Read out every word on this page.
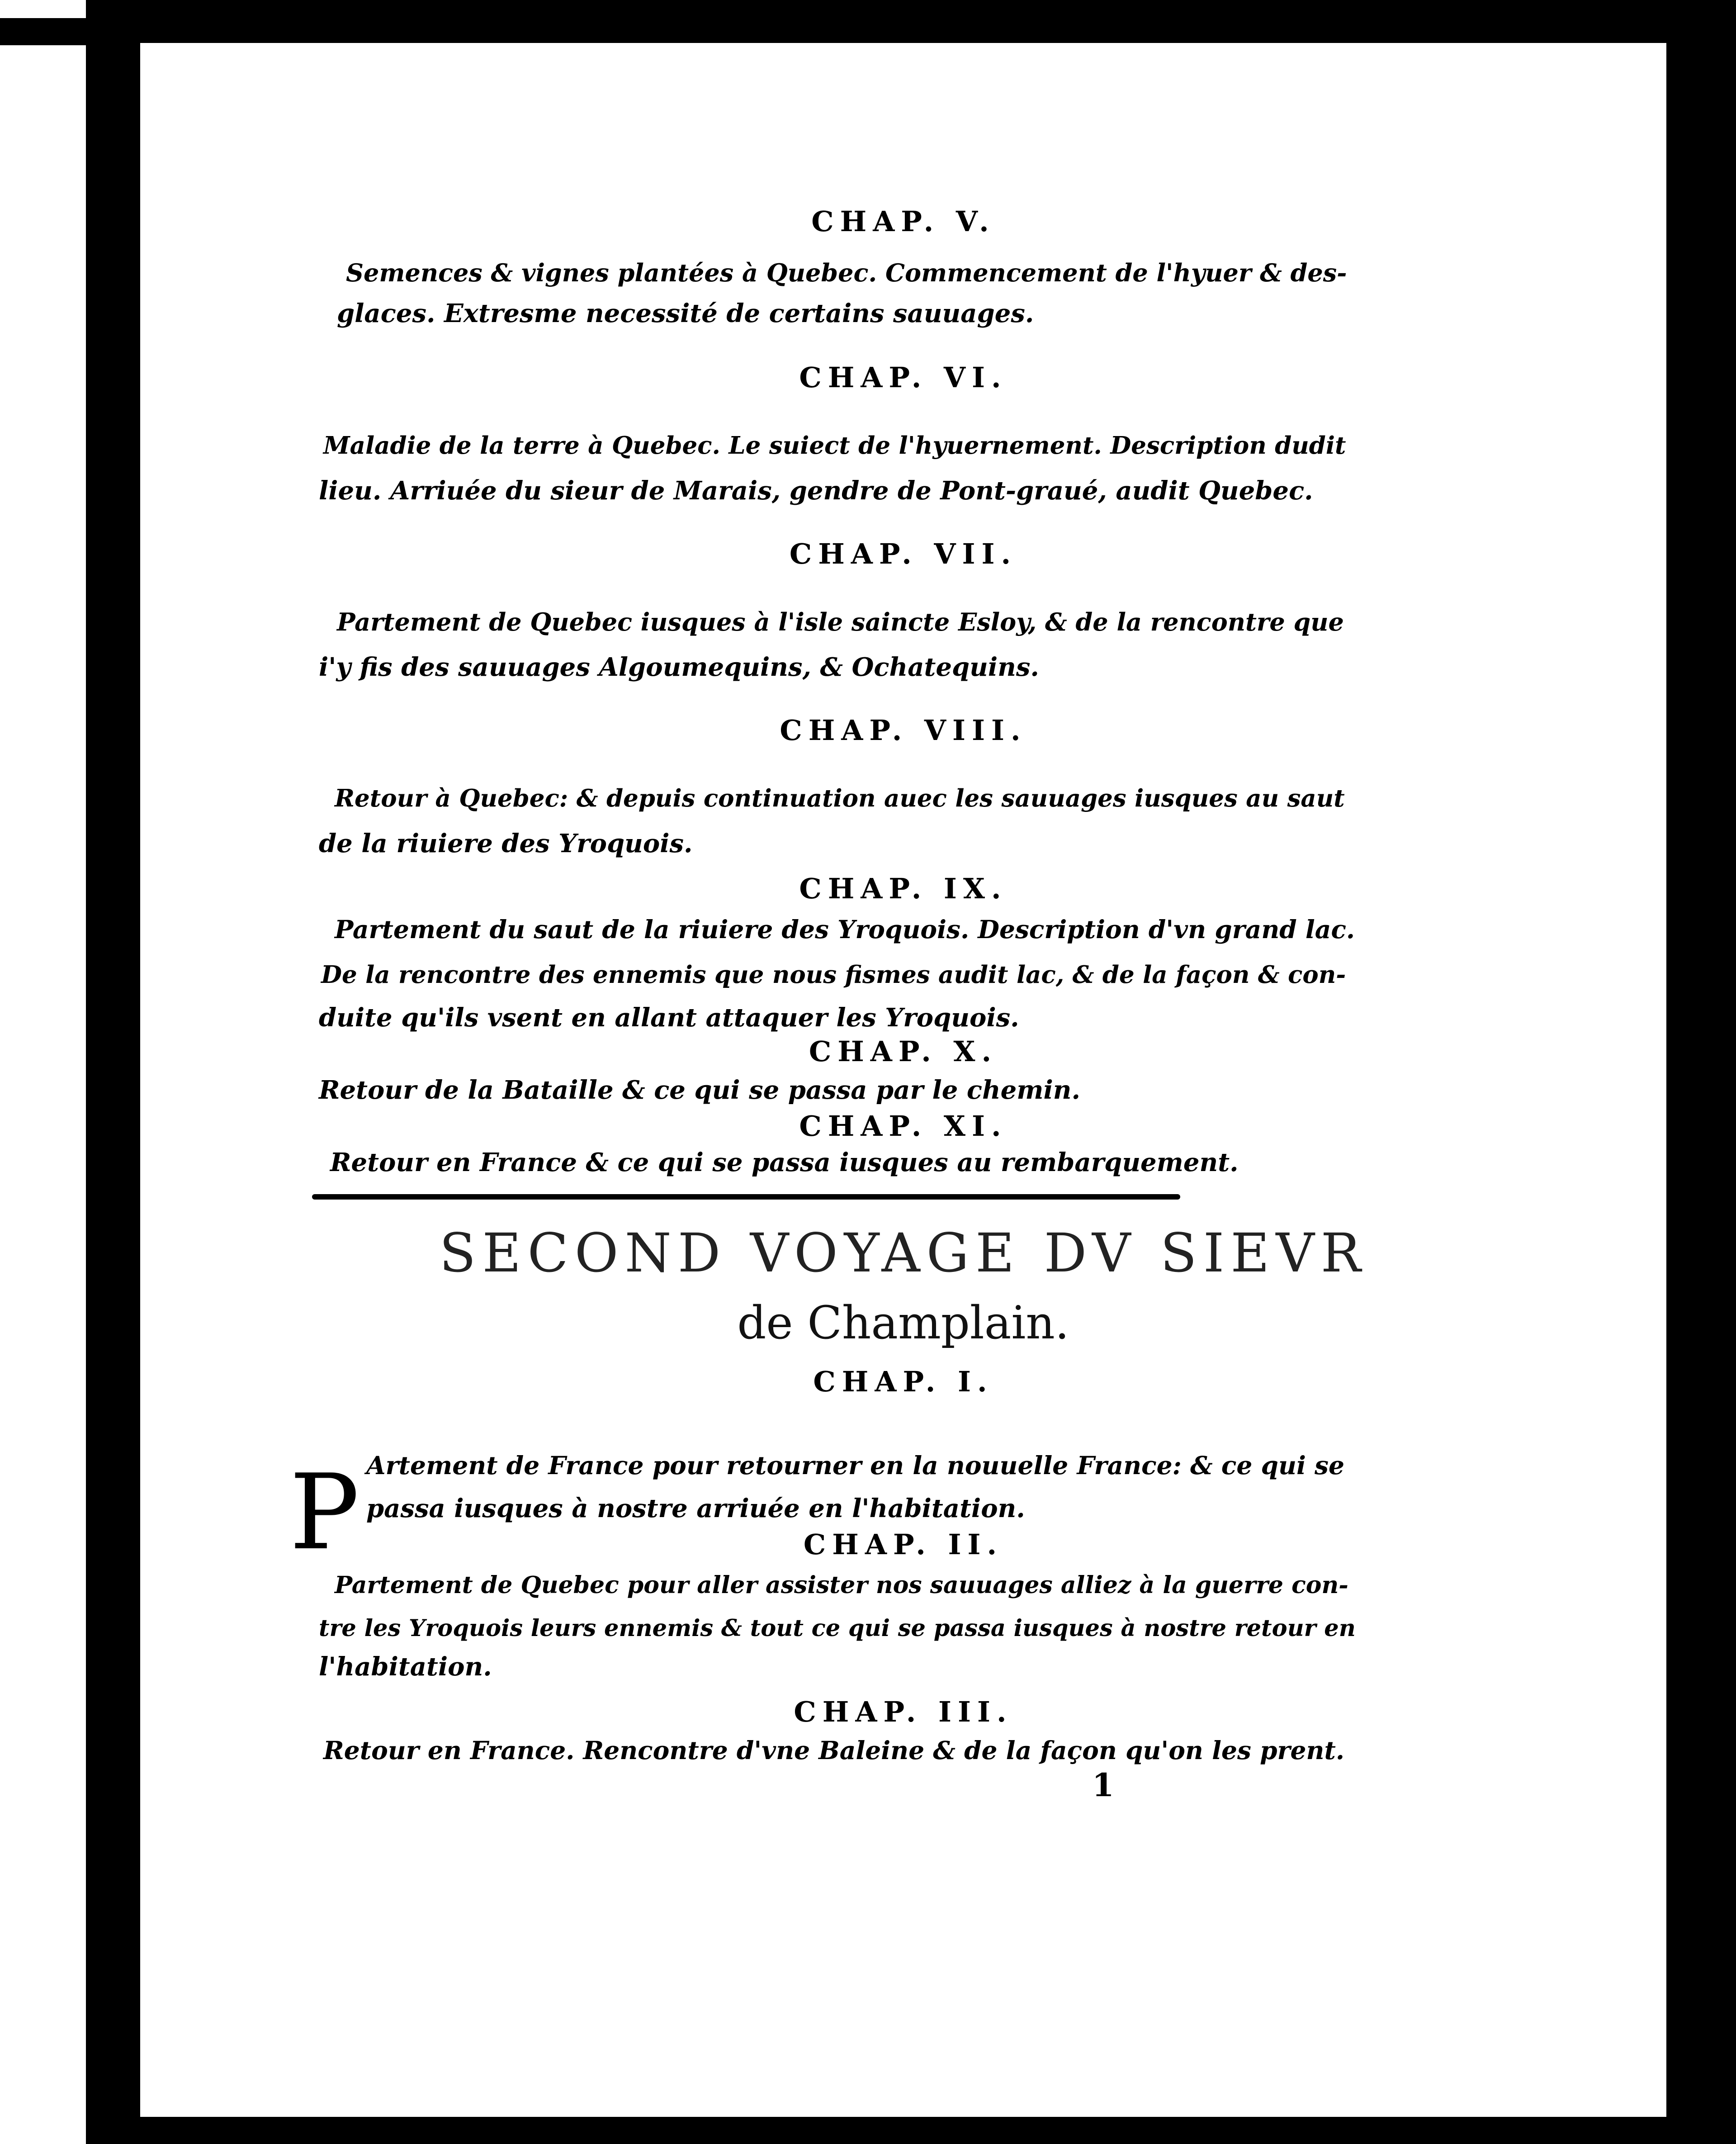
CHAP. V.
Semences & vignes plantées à Quebec. Commencement de l'hyuer & des-
glaces. Extresme necessité de certains sauuages.
CHAP. VI.
Maladie de la terre à Quebec. Le suiect de l'hyuernement. Description dudit
lieu. Arriuée du sieur de Marais, gendre de Pont-graué, audit Quebec.
CHAP. VII.
Partement de Quebec iusques à l'isle saincte Esloy, & de la rencontre que
i'y fis des sauuages Algoumequins, & Ochatequins.
CHAP. VIII.
Retour à Quebec: & depuis continuation auec les sauuages iusques au saut
de la riuiere des Yroquois.
CHAP. IX.
Partement du saut de la riuiere des Yroquois. Description d'vn grand lac.
De la rencontre des ennemis que nous fismes audit lac, & de la façon & con-
duite qu'ils vsent en allant attaquer les Yroquois.
CHAP. X.
Retour de la Bataille & ce qui se passa par le chemin.
CHAP. XI.
Retour en France & ce qui se passa iusques au rembarquement.
SECOND VOYAGE DV SIEVR
de Champlain.
CHAP. I.
P Artement de France pour retourner en la nouuelle France: & ce qui se
passa iusques à nostre arriuée en l'habitation.
CHAP. II.
Partement de Quebec pour aller assister nos sauuages alliez à la guerre con-
tre les Yroquois leurs ennemis & tout ce qui se passa iusques à nostre retour en
l'habitation.
CHAP. III.
Retour en France. Rencontre d'vne Baleine & de la façon qu'on les prent.
1
